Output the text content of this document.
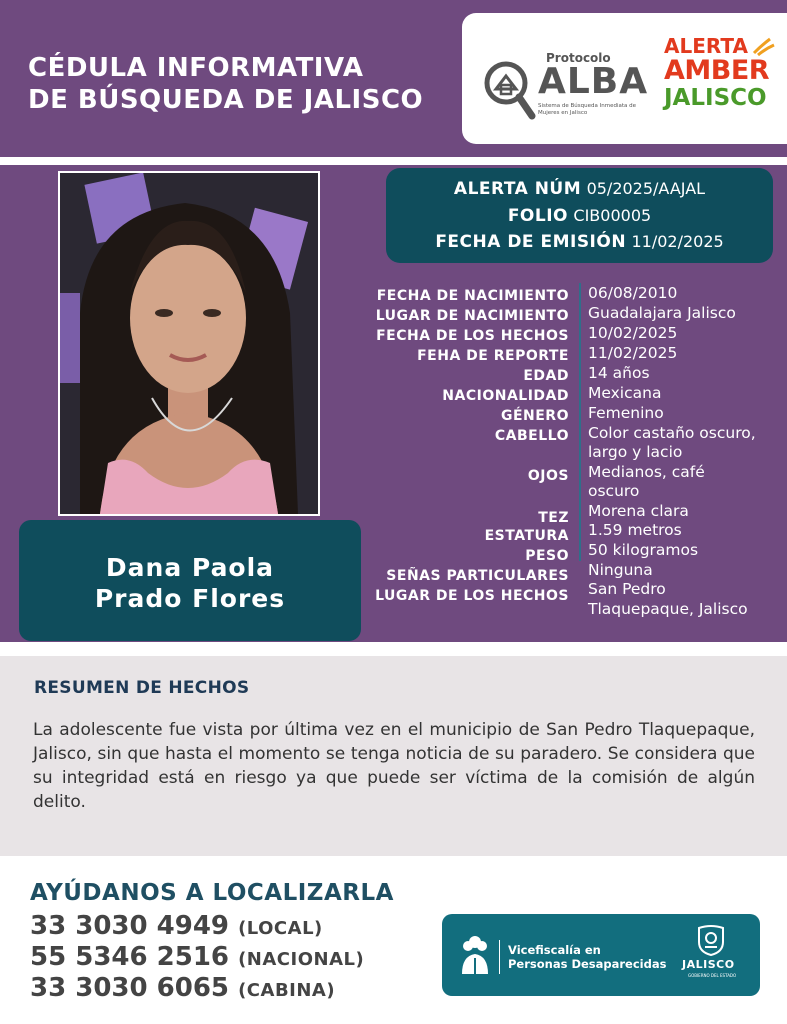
CÉDULA INFORMATIVA
DE BÚSQUEDA DE JALISCO
Protocolo
ALBA
Sistema de Búsqueda Inmediata de Mujeres en Jalisco
ALERTA
AMBER
JALISCO
Dana Paola
Prado Flores
ALERTA NÚM 05/2025/AAJAL
FOLIO CIB00005
FECHA DE EMISIÓN 11/02/2025
FECHA DE NACIMIENTO
LUGAR DE NACIMIENTO
FECHA DE LOS HECHOS
FEHA DE REPORTE
EDAD
NACIONALIDAD
GÉNERO
CABELLO
OJOS
TEZ
ESTATURA
PESO
SEÑAS PARTICULARES
LUGAR DE LOS HECHOS
06/08/2010
Guadalajara Jalisco
10/02/2025
11/02/2025
14 años
Mexicana
Femenino
Color castaño oscuro,
largo y lacio
Medianos, café
oscuro
Morena clara
1.59 metros
50 kilogramos
Ninguna
San Pedro
Tlaquepaque, Jalisco
RESUMEN DE HECHOS
La adolescente fue vista por última vez en el municipio de San Pedro Tlaquepaque, Jalisco, sin que hasta el momento se tenga noticia de su paradero. Se considera que su integridad está en riesgo ya que puede ser víctima de la comisión de algún delito.
AYÚDANOS A LOCALIZARLA
33 3030 4949 (LOCAL)
55 5346 2516 (NACIONAL)
33 3030 6065 (CABINA)
Vicefiscalía en
Personas Desaparecidas JALISCO
GOBIERNO DEL ESTADO
